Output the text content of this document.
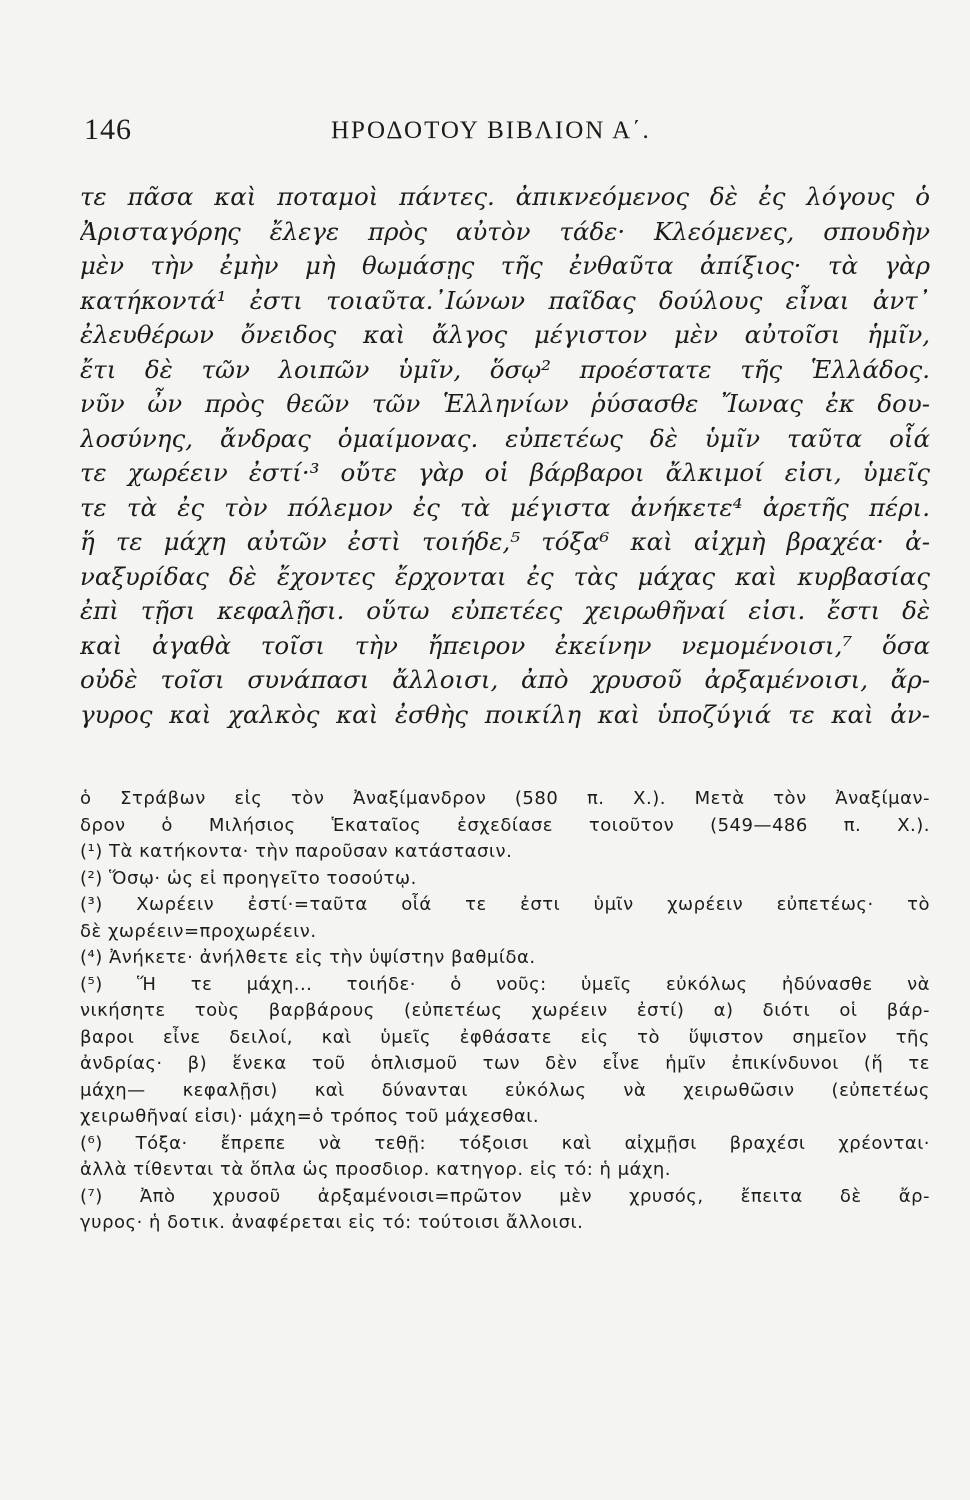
146	ΗΡΟΔΟΤΟΥ ΒΙΒΛΙΟΝ Α΄.
τε πᾶσα καὶ ποταμοὶ πάντες. ἀπικνεόμενος δὲ ἐς λόγους ὁ
Ἀρισταγόρης ἔλεγε πρὸς αὐτὸν τάδε· Κλεόμενες, σπουδὴν
μὲν τὴν ἐμὴν μὴ θωμάσῃς τῆς ἐνθαῦτα ἀπίξιος· τὰ γὰρ
κατήκοντά¹ ἐστι τοιαῦτα.᾿Ιώνων παῖδας δούλους εἶναι ἀντ᾿
ἐλευθέρων ὄνειδος καὶ ἄλγος μέγιστον μὲν αὐτοῖσι ἡμῖν,
ἔτι δὲ τῶν λοιπῶν ὑμῖν, ὅσῳ² προέστατε τῆς Ἑλλάδος.
νῦν ὦν πρὸς θεῶν τῶν Ἑλληνίων ῥύσασθε Ἴωνας ἐκ δου-
λοσύνης, ἄνδρας ὁμαίμονας. εὐπετέως δὲ ὑμῖν ταῦτα οἷά
τε χωρέειν ἐστί·³ οὔτε γὰρ οἱ βάρβαροι ἄλκιμοί εἰσι, ὑμεῖς
τε τὰ ἐς τὸν πόλεμον ἐς τὰ μέγιστα ἀνήκετε⁴ ἀρετῆς πέρι.
ἥ τε μάχη αὐτῶν ἐστὶ τοιήδε,⁵ τόξα⁶ καὶ αἰχμὴ βραχέα· ἀ-
ναξυρίδας δὲ ἔχοντες ἔρχονται ἐς τὰς μάχας καὶ κυρβασίας
ἐπὶ τῇσι κεφαλῇσι. οὕτω εὐπετέες χειρωθῆναί εἰσι. ἔστι δὲ
καὶ ἀγαθὰ τοῖσι τὴν ἤπειρον ἐκείνην νεμομένοισι,⁷ ὅσα
οὐδὲ τοῖσι συνάπασι ἄλλοισι, ἀπὸ χρυσοῦ ἀρξαμένοισι, ἄρ-
γυρος καὶ χαλκὸς καὶ ἐσθὴς ποικίλη καὶ ὑποζύγιά τε καὶ ἀν-
ὁ Στράβων εἰς τὸν Ἀναξίμανδρον (580 π. Χ.). Μετὰ τὸν Ἀναξίμαν-
δρον ὁ Μιλήσιος Ἑκαταῖος ἐσχεδίασε τοιοῦτον (549—486 π. Χ.).
(¹) Τὰ κατήκοντα· τὴν παροῦσαν κατάστασιν.
(²) Ὅσῳ· ὡς εἰ προηγεῖτο τοσούτῳ.
(³) Χωρέειν ἐστί·=ταῦτα οἷά τε ἐστι ὑμῖν χωρέειν εὐπετέως· τὸ
δὲ χωρέειν=προχωρέειν.
(⁴) Ἀνήκετε· ἀνήλθετε εἰς τὴν ὑψίστην βαθμίδα.
(⁵) Ἥ τε μάχη... τοιήδε· ὁ νοῦς: ὑμεῖς εὐκόλως ἠδύνασθε νὰ
νικήσητε τοὺς βαρβάρους (εὐπετέως χωρέειν ἐστί) α) διότι οἱ βάρ-
βαροι εἶνε δειλοί, καὶ ὑμεῖς ἐφθάσατε εἰς τὸ ὕψιστον σημεῖον τῆς
ἀνδρίας· β) ἕνεκα τοῦ ὁπλισμοῦ των δὲν εἶνε ἡμῖν ἐπικίνδυνοι (ἥ τε
μάχη— κεφαλῇσι) καὶ δύνανται εὐκόλως νὰ χειρωθῶσιν (εὐπετέως
χειρωθῆναί εἰσι)· μάχη=ὁ τρόπος τοῦ μάχεσθαι.
(⁶) Τόξα· ἔπρεπε νὰ τεθῇ: τόξοισι καὶ αἰχμῇσι βραχέσι χρέονται·
ἀλλὰ τίθενται τὰ ὅπλα ὡς προσδιορ. κατηγορ. εἰς τό: ἡ μάχη.
(⁷) Ἀπὸ χρυσοῦ ἀρξαμένοισι=πρῶτον μὲν χρυσός, ἔπειτα δὲ ἄρ-
γυρος· ἡ δοτικ. ἀναφέρεται εἰς τό: τούτοισι ἄλλοισι.
